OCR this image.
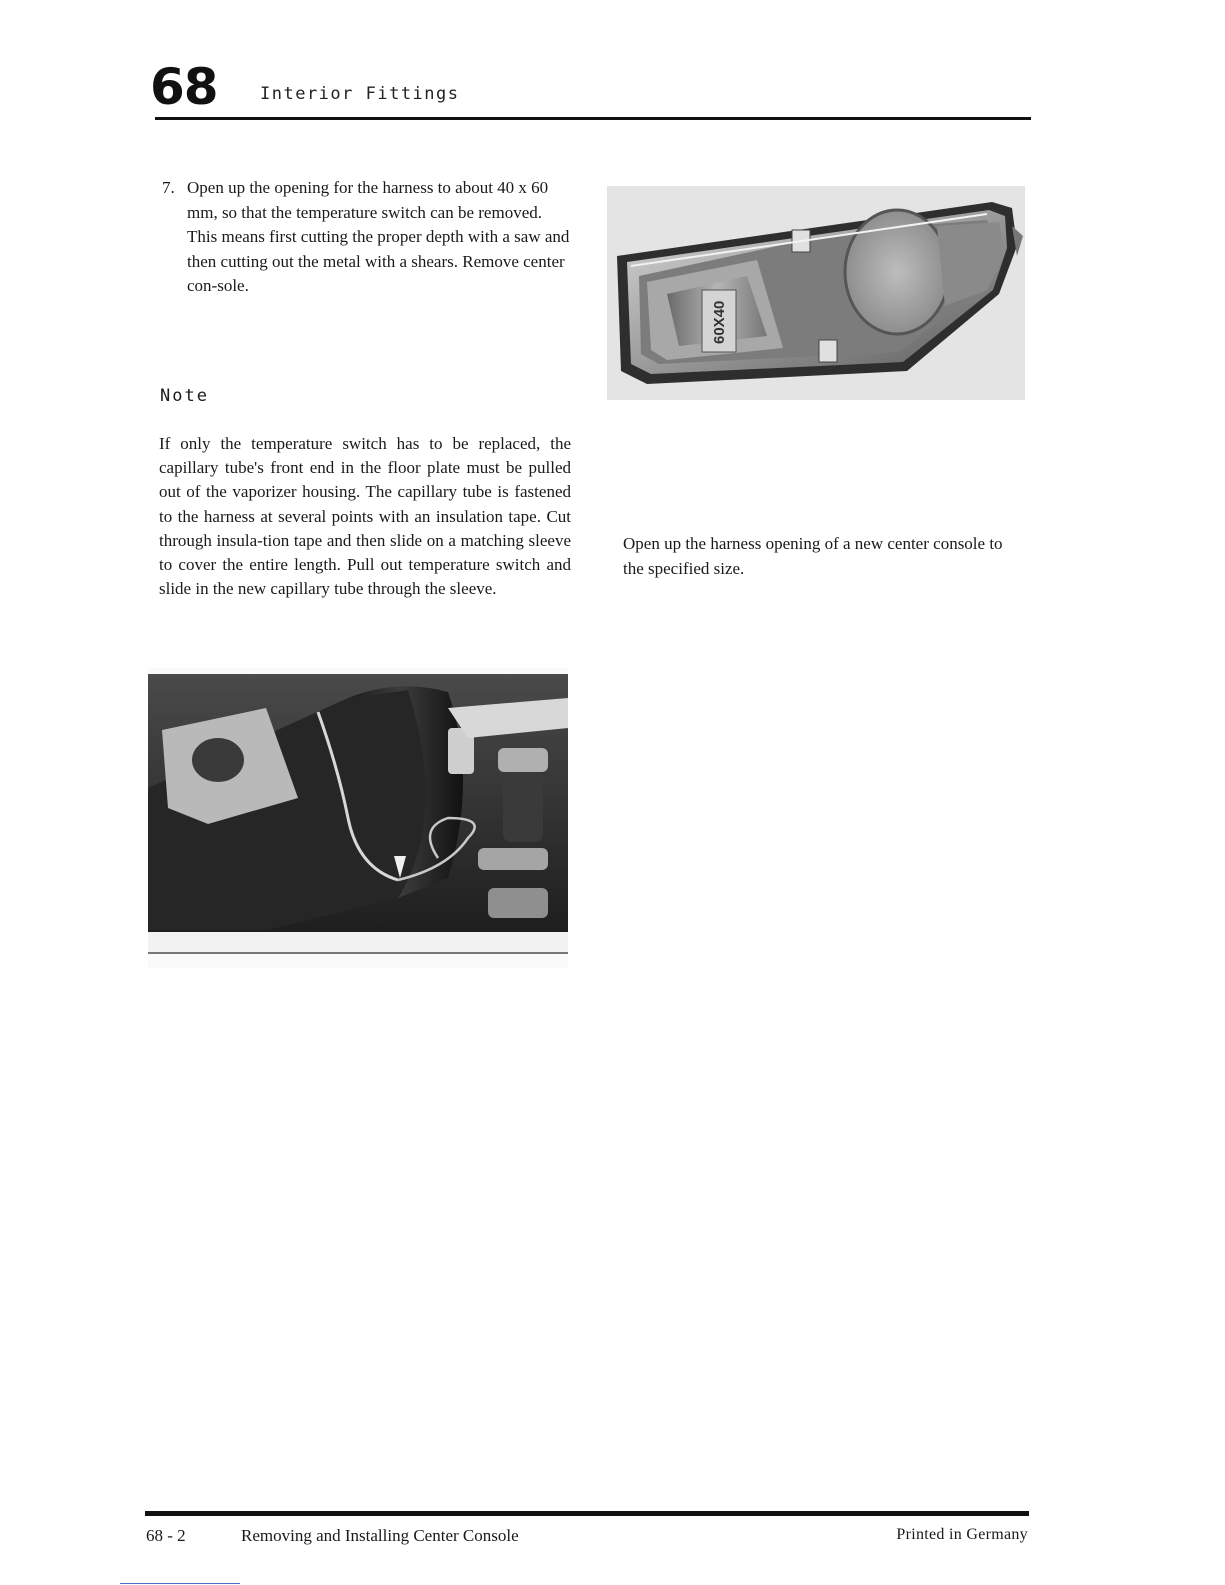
68 Interior Fittings
7. Open up the opening for the harness to about 40 x 60 mm, so that the temperature switch can be removed. This means first cutting the proper depth with a saw and then cutting out the metal with a shears. Remove center con-sole.
Note
If only the temperature switch has to be replaced, the capillary tube's front end in the floor plate must be pulled out of the vaporizer housing. The capillary tube is fastened to the harness at several points with an insulation tape. Cut through insula-tion tape and then slide on a matching sleeve to cover the entire length. Pull out temperature switch and slide in the new capillary tube through the sleeve.
60X40
Open up the harness opening of a new center console to the specified size.
68 - 2	Removing and Installing Center Console	Printed in Germany
